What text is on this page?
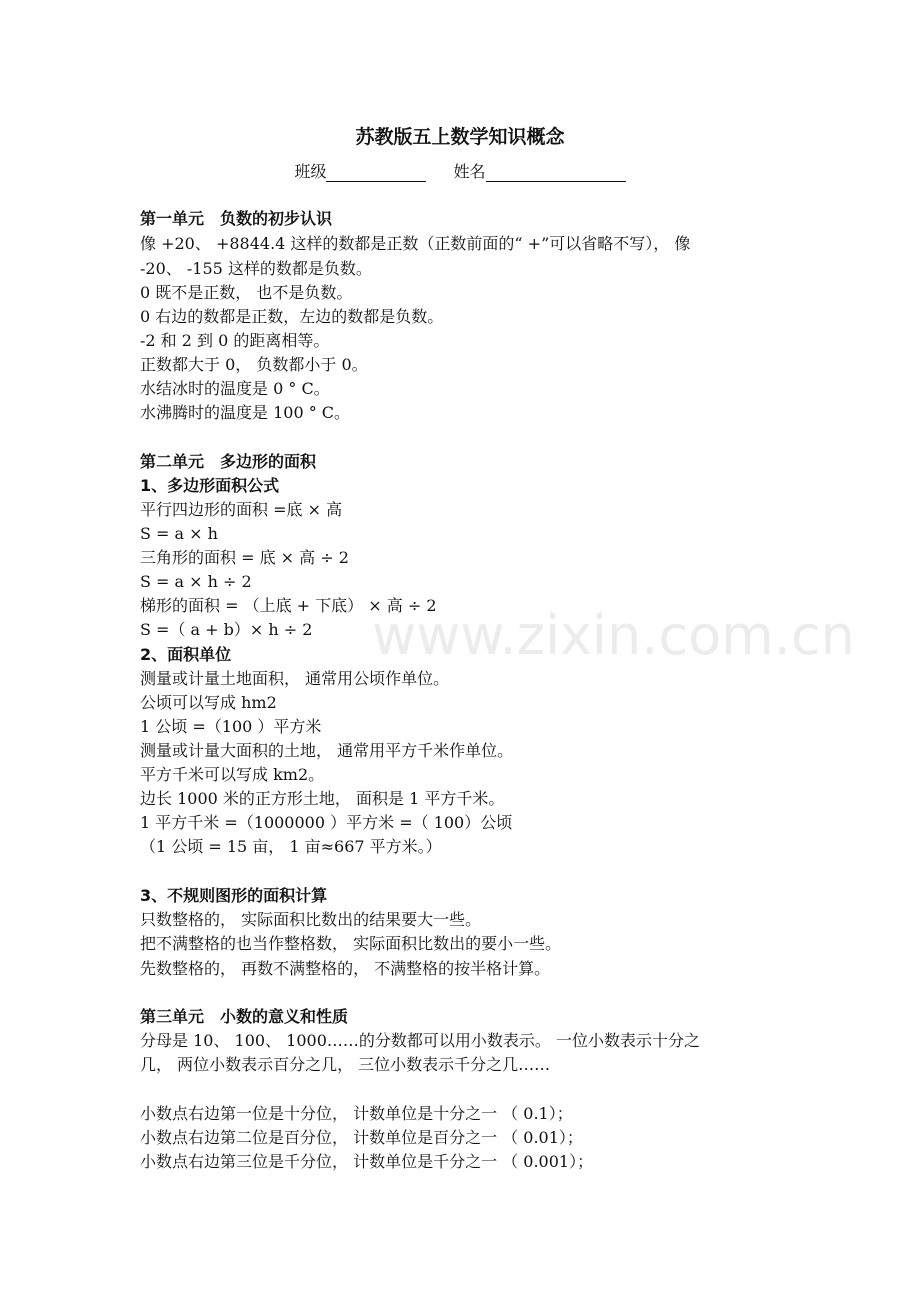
苏教版五上数学知识概念
班级	姓名
第一单元　负数的初步认识
像 +20、 +8844.4 这样的数都是正数（正数前面的“ +”可以省略不写）， 像
-20、 -155 这样的数都是负数。
0 既不是正数， 也不是负数。
0 右边的数都是正数，左边的数都是负数。
-2 和 2 到 0 的距离相等。
正数都大于 0， 负数都小于 0。
水结冰时的温度是 0 ° C。
水沸腾时的温度是 100 ° C。
第二单元　多边形的面积
1、多边形面积公式
平行四边形的面积 =底 × 高
S = a × h
三角形的面积 = 底 × 高 ÷ 2
S = a × h ÷ 2
梯形的面积 = （上底 + 下底） × 高 ÷ 2
S =（ a + b）× h ÷ 2
2、面积单位
测量或计量土地面积， 通常用公顷作单位。
公顷可以写成 hm2
1 公顷 =（100 ）平方米
测量或计量大面积的土地， 通常用平方千米作单位。
平方千米可以写成 km2。
边长 1000 米的正方形土地， 面积是 1 平方千米。
1 平方千米 =（1000000 ）平方米 =（ 100）公顷
（1 公顷 = 15 亩， 1 亩≈667 平方米。）
3、不规则图形的面积计算
只数整格的， 实际面积比数出的结果要大一些。
把不满整格的也当作整格数， 实际面积比数出的要小一些。
先数整格的， 再数不满整格的， 不满整格的按半格计算。
第三单元　小数的意义和性质
分母是 10、 100、 1000……的分数都可以用小数表示。 一位小数表示十分之
几， 两位小数表示百分之几， 三位小数表示千分之几……
小数点右边第一位是十分位， 计数单位是十分之一 （ 0.1）；
小数点右边第二位是百分位， 计数单位是百分之一 （ 0.01）；
小数点右边第三位是千分位， 计数单位是千分之一 （ 0.001）；
www.zixin.com.cn
